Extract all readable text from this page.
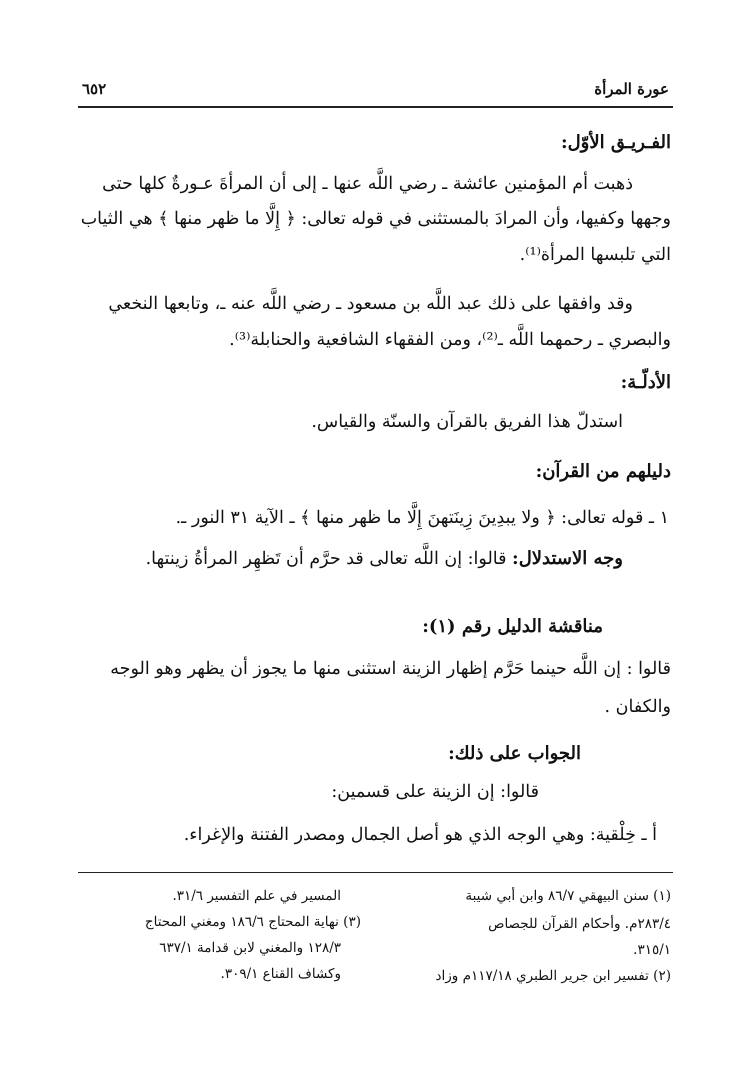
عورة المرأة
٦٥٢
الفـريـق الأوّل:
ذهبت أم المؤمنين عائشة ـ رضي اللَّه عنها ـ إلى أن المرأةَ عـورةٌ كلها حتى
وجهها وكفيها، وأن المرادَ بالمستثنى في قوله تعالى: ﴿ إِلَّا ما ظهر منها ﴾ هي الثياب
التي تلبسها المرأة⁽¹⁾.
وقد وافقها على ذلك عبد اللَّه بن مسعود ـ رضي اللَّه عنه ـ، وتابعها النخعي
والبصري ـ رحمهما اللَّه ـ⁽²⁾، ومن الفقهاء الشافعية والحنابلة⁽³⁾.
الأدلّـة:
استدلّ هذا الفريق بالقرآن والسنّة والقياس.
دليلهم من القرآن:
١ ـ قوله تعالى: ﴿ ولا يبدِينَ زِينَتهنَ إِلَّا ما ظهر منها ﴾ ـ الآية ٣١ النور ـ.
وجه الاستدلال: قالوا: إن اللَّه تعالى قد حرَّم أن تَظهِر المرأةُ زينتها.
مناقشة الدليل رقم (١):
قالوا : إن اللَّه حينما حَرَّم إظهار الزينة استثنى منها ما يجوز أن يظهر وهو الوجه
والكفان .
الجواب على ذلك:
قالوا: إن الزينة على قسمين:
أ ـ خِلْقية: وهي الوجه الذي هو أصل الجمال ومصدر الفتنة والإغراء.
(١) سنن البيهقي ٨٦/٧ وابن أبي شيبة
٢٨٣/٤م. وأحكام القرآن للجصاص
٣١٥/١.
(٢) تفسير ابن جرير الطبري ١١٧/١٨م وزاد
المسير في علم التفسير ٣١/٦.
(٣) نهاية المحتاج ١٨٦/٦ ومغني المحتاج
١٢٨/٣ والمغني لابن قدامة ٦٣٧/١
وكشاف القناع ٣٠٩/١.
